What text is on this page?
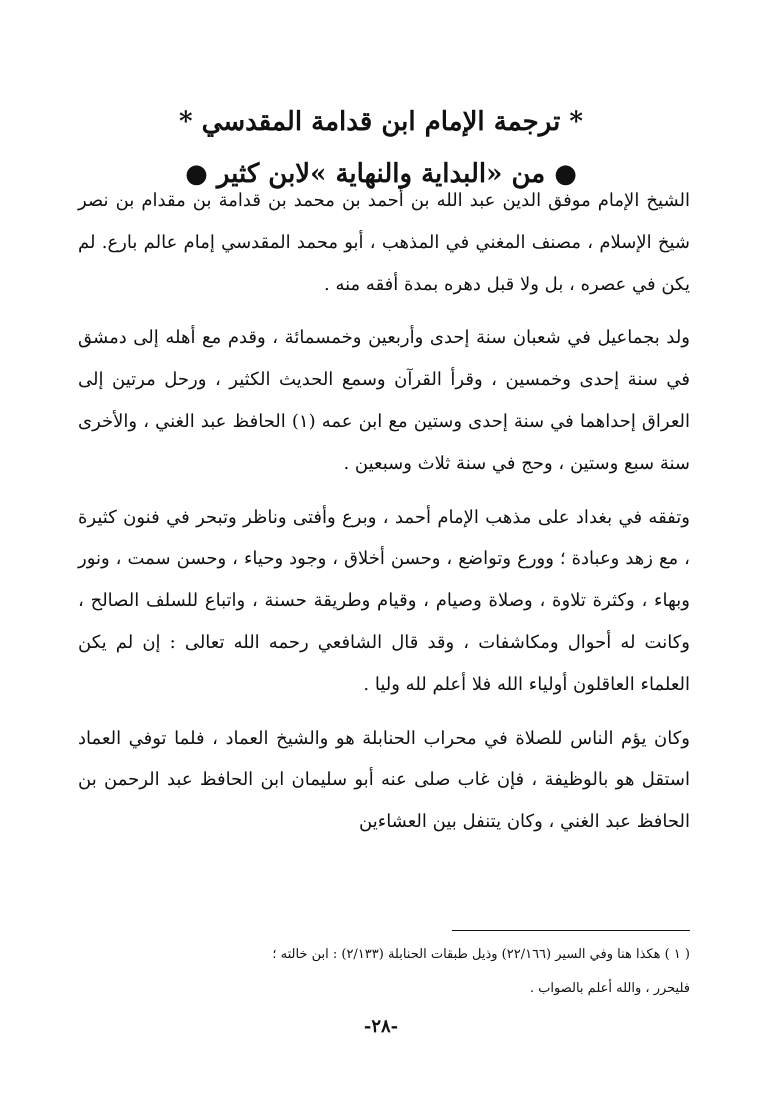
* ترجمة الإمام ابن قدامة المقدسي *
● من «البداية والنهاية »لابن كثير ●

الشيخ الإمام موفق الدين عبد الله بن أحمد بن محمد بن قدامة بن مقدام بن نصر شيخ الإسلام ، مصنف المغني في المذهب ، أبو محمد المقدسي إمام عالم بارع. لم يكن في عصره ، بل ولا قبل دهره بمدة أفقه منه .

ولد بجماعيل في شعبان سنة إحدى وأربعين وخمسمائة ، وقدم مع أهله إلى دمشق في سنة إحدى وخمسين ، وقرأ القرآن وسمع الحديث الكثير ، ورحل مرتين إلى العراق إحداهما في سنة إحدى وستين مع ابن عمه (١) الحافظ عبد الغني ، والأخرى سنة سبع وستين ، وحج في سنة ثلاث وسبعين .

وتفقه في بغداد على مذهب الإمام أحمد ، وبرع وأفتى وناظر وتبحر في فنون كثيرة ، مع زهد وعبادة ؛ وورع وتواضع ، وحسن أخلاق ، وجود وحياء ، وحسن سمت ، ونور وبهاء ، وكثرة تلاوة ، وصلاة وصيام ، وقيام وطريقة حسنة ، واتباع للسلف الصالح ، وكانت له أحوال ومكاشفات ، وقد قال الشافعي رحمه الله تعالى : إن لم يكن العلماء العاقلون أولياء الله فلا أعلم لله وليا .

وكان يؤم الناس للصلاة في محراب الحنابلة هو والشيخ العماد ، فلما توفي العماد استقل هو بالوظيفة ، فإن غاب صلى عنه أبو سليمان ابن الحافظ عبد الرحمن بن الحافظ عبد الغني ، وكان يتنفل بين العشاءين

( ١ ) هكذا هنا وفي السير (٢٢/١٦٦) وذيل طبقات الحنابلة (٢/١٣٣) : ابن خالته ؛
فليحرر ، والله أعلم بالصواب .
-٢٨-
